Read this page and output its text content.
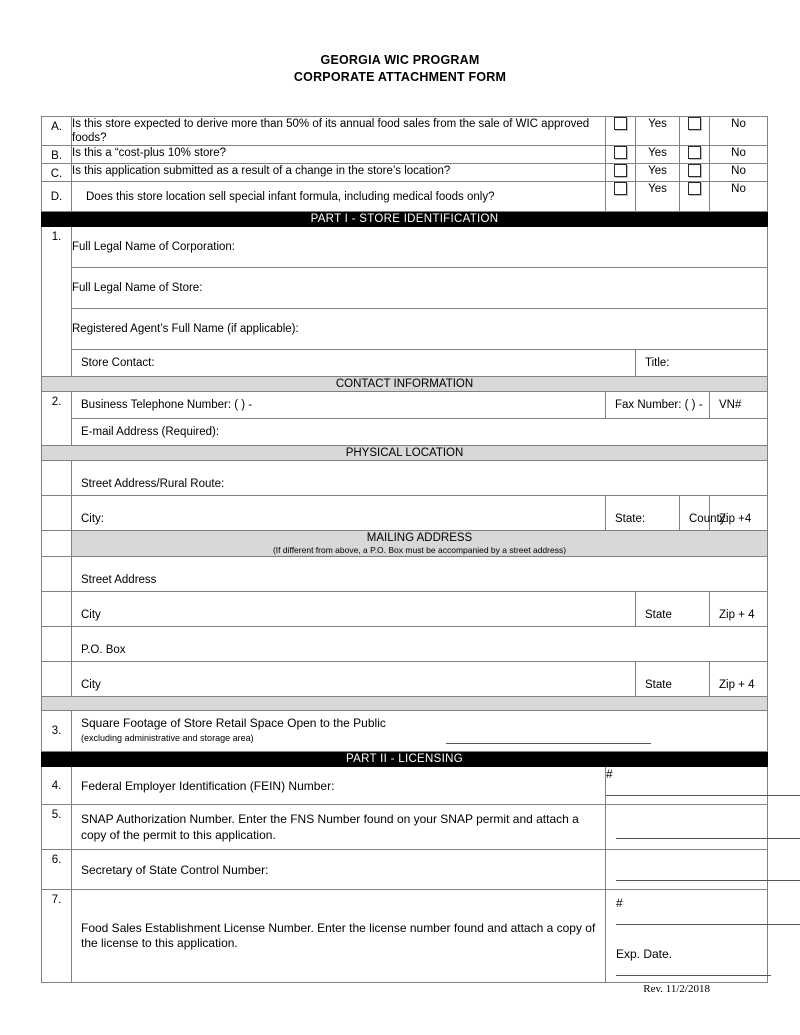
GEORGIA WIC PROGRAM
CORPORATE ATTACHMENT FORM
A.	Is this store expected to derive more than 50% of its annual food sales from the sale of WIC approved foods?		Yes		No
B.	Is this a “cost-plus 10% store?		Yes		No
C.	Is this application submitted as a result of a change in the store’s location?		Yes		No
D.	Does this store location sell special infant formula, including medical foods only?		Yes		No
PART I - STORE IDENTIFICATION					
1.	Full Legal Name of Corporation:				
	Full Legal Name of Store:				
	Registered Agent’s Full Name (if applicable):				
	Store Contact:		Title:		
CONTACT INFORMATION					
2.	Business Telephone Number: ( ) -	Fax Number: ( ) -			VN#
	E-mail Address (Required):				
PHYSICAL LOCATION					
	Street Address/Rural Route:				
	City:	State:		County:	Zip +4
	MAILING ADDRESS
(If different from above, a P.O. Box must be accompanied by a street address)				

	Street Address				
	City		State		Zip + 4
	P.O. Box				
	City		State		Zip + 4

3.	Square Footage of Store Retail Space Open to the Public
(excluding administrative and storage area)				

PART II - LICENSING					
4.	Federal Employer Identification (FEIN) Number:	#			
5.	SNAP Authorization Number. Enter the FNS Number found on your SNAP permit and attach a copy of the permit to this application.				
6.	Secretary of State Control Number:				
7.	Food Sales Establishment License Number. Enter the license number found and attach a copy of the license to this application.	#
Exp. Date.			
Rev. 11/2/2018
